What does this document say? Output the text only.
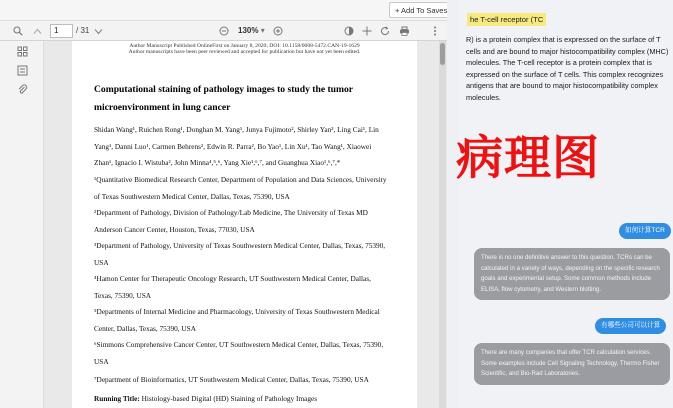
+ Add To Saves
1	/ 31	130% ▾
Author Manuscript Published OnlineFirst on January 8, 2020; DOI: 10.1158/0008-5472.CAN-19-1629
Author manuscripts have been peer reviewed and accepted for publication but have not yet been edited.
Computational staining of pathology images to study the tumor microenvironment in lung cancer
Shidan Wang¹, Ruichen Rong¹, Donghan M. Yang¹, Junya Fujimoto², Shirley Yan³, Ling Cai¹, Lin
Yang¹, Danni Luo¹, Carmen Behrens², Edwin R. Parra², Bo Yao¹, Lin Xu¹, Tao Wang¹, Xiaowei
Zhan¹, Ignacio I. Wistuba², John Minna⁴,⁵,⁶, Yang Xie¹,⁶,⁷, and Guanghua Xiao¹,⁶,⁷,*
¹Quantitative Biomedical Research Center, Department of Population and Data Sciences, University
of Texas Southwestern Medical Center, Dallas, Texas, 75390, USA
²Department of Pathology, Division of Pathology/Lab Medicine, The University of Texas MD
Anderson Cancer Center, Houston, Texas, 77030, USA
³Department of Pathology, University of Texas Southwestern Medical Center, Dallas, Texas, 75390,
USA
⁴Hamon Center for Therapeutic Oncology Research, UT Southwestern Medical Center, Dallas,
Texas, 75390, USA
⁵Departments of Internal Medicine and Pharmacology, University of Texas Southwestern Medical
Center, Dallas, Texas, 75390, USA
⁶Simmons Comprehensive Cancer Center, UT Southwestern Medical Center, Dallas, Texas, 75390,
USA
⁷Department of Bioinformatics, UT Southwestern Medical Center, Dallas, Texas, 75390, USA
Running Title: Histology-based Digital (HD) Staining of Pathology Images
he T-cell receptor (TC
R) is a protein complex that is expressed on the surface of T cells and are bound to major histocompatibility complex (MHC) molecules. The T-cell receptor is a protein complex that is expressed on the surface of T cells. This complex recognizes antigens that are bound to major histocompatibility complex molecules.
如何计算TCR
There is no one definitive answer to this question. TCRs can be calculated in a variety of ways, depending on the specific research goals and experimental setup. Some common methods include ELISA, flow cytometry, and Western blotting.
有哪些公司可以计算
There are many companies that offer TCR calculation services. Some examples include Cell Signaling Technology, Thermo Fisher Scientific, and Bio-Rad Laboratories.
病理图
